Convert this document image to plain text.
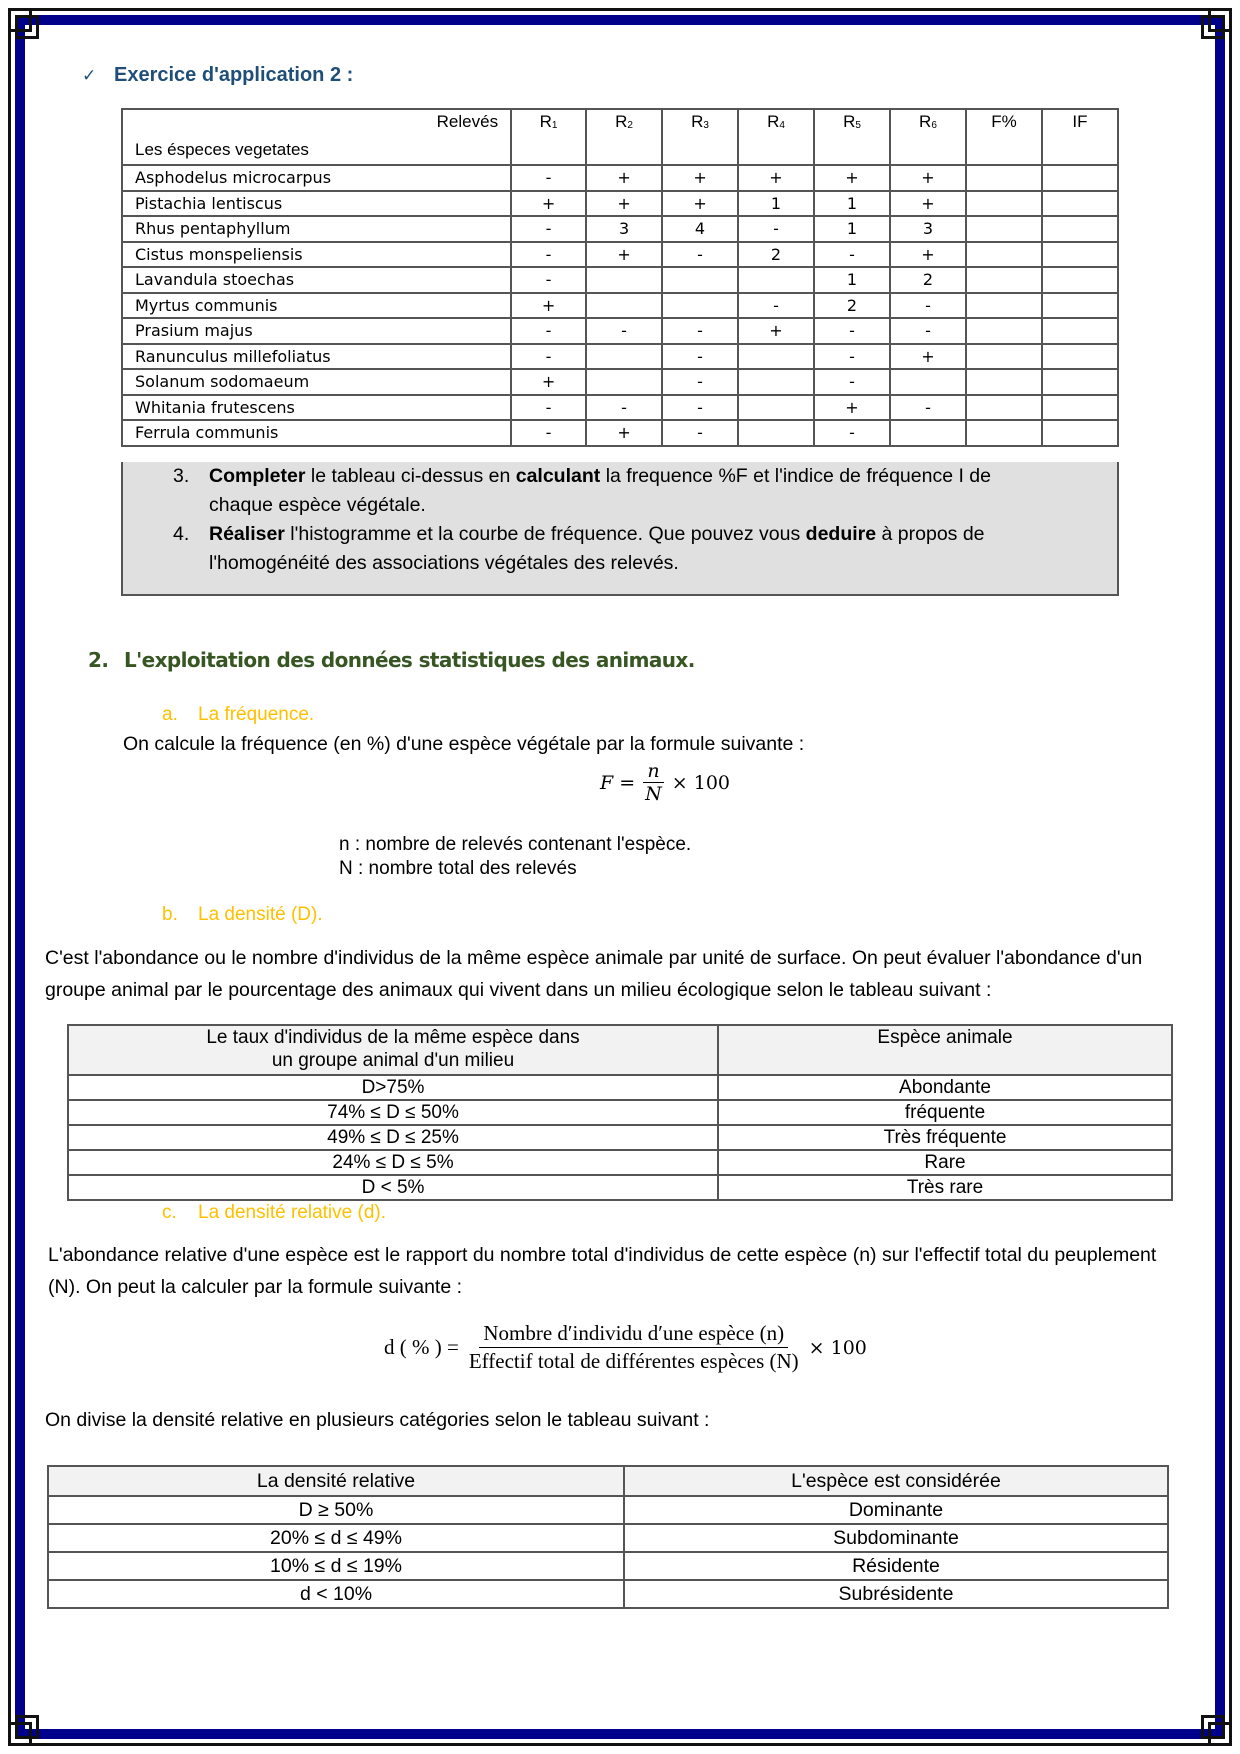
✓ Exercice d'application 2 :
Relevés
Les éspeces vegetates	$R_1$	$R_2$	$R_3$	$R_4$	$R_5$	$R_6$	F%	IF
Asphodelus microcarpus	-	+	+	+	+	+		
Pistachia lentiscus	+	+	+	1	1	+		
Rhus pentaphyllum	-	3	4	-	1	3		
Cistus monspeliensis	-	+	-	2	-	+		
Lavandula stoechas	-				1	2		
Myrtus communis	+			-	2	-		
Prasium majus	-	-	-	+	-	-		
Ranunculus millefoliatus	-		-		-	+		
Solanum sodomaeum	+		-		-			
Whitania frutescens	-	-	-		+	-		
Ferrula communis	-	+	-		-			
3. Completer le tableau ci-dessus en calculant la frequence %F et l'indice de fréquence I de chaque espèce végétale.
4. Réaliser l'histogramme et la courbe de fréquence. Que pouvez vous deduire à propos de l'homogénéité des associations végétales des relevés.
2. L'exploitation des données statistiques des animaux.
a. La fréquence.
On calcule la fréquence (en %) d'une espèce végétale par la formule suivante :
$F = \frac{n}{N} \times 100$
n : nombre de relevés contenant l'espèce.
N : nombre total des relevés
b. La densité (D).
C'est l'abondance ou le nombre d'individus de la même espèce animale par unité de surface. On peut évaluer l'abondance d'un groupe animal par le pourcentage des animaux qui vivent dans un milieu écologique selon le tableau suivant :
Le taux d'individus de la même espèce dans
un groupe animal d'un milieu	Espèce animale
D>75%	Abondante
74% ≤ D ≤ 50%	fréquente
49% ≤ D ≤ 25%	Très fréquente
24% ≤ D ≤ 5%	Rare
D < 5%	Très rare
c. La densité relative (d).
L'abondance relative d'une espèce est le rapport du nombre total d'individus de cette espèce (n) sur l'effectif total du peuplement (N). On peut la calculer par la formule suivante :
d ( % ) = $\frac{\text{Nombre d′individu d′une espèce (n)}}{\text{Effectif total de différentes espèces (N)}} \times 100$
On divise la densité relative en plusieurs catégories selon le tableau suivant :
La densité relative	L'espèce est considérée
D ≥ 50%	Dominante
20% ≤ d ≤ 49%	Subdominante
10% ≤ d ≤ 19%	Résidente
d < 10%	Subrésidente
